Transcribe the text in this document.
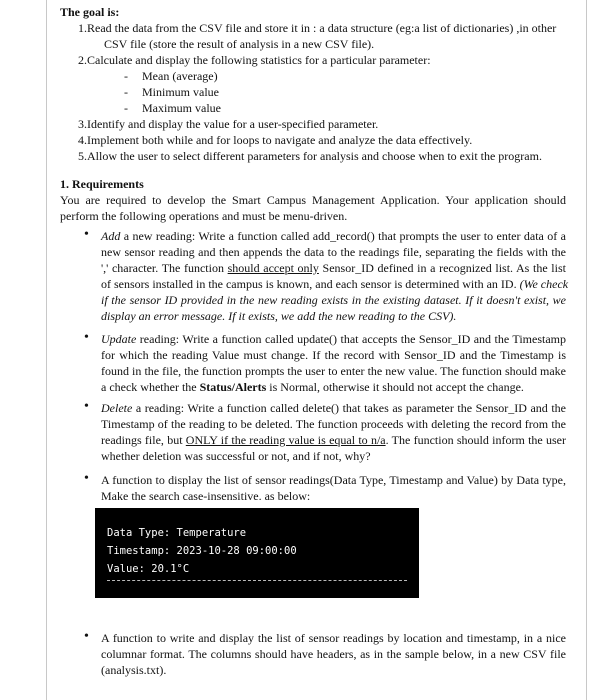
The goal is:
1.Read the data from the CSV file and store it in : a data structure (eg:a list of dictionaries) ,in other
CSV file (store the result of analysis in a new CSV file).
2.Calculate and display the following statistics for a particular parameter:
- Mean (average)
- Minimum value
- Maximum value
3.Identify and display the value for a user-specified parameter.
4.Implement both while and for loops to navigate and analyze the data effectively.
5.Allow the user to select different parameters for analysis and choose when to exit the program.
1. Requirements
You are required to develop the Smart Campus Management Application. Your application should
perform the following operations and must be menu-driven.
• Add a new reading: Write a function called add_record() that prompts the user to enter data of a
new sensor reading and then appends the data to the readings file, separating the fields with the
',' character. The function should accept only Sensor_ID defined in a recognized list. As the list
of sensors installed in the campus is known, and each sensor is determined with an ID. (We check
if the sensor ID provided in the new reading exists in the existing dataset. If it doesn't exist, we
display an error message. If it exists, we add the new reading to the CSV).
• Update reading: Write a function called update() that accepts the Sensor_ID and the Timestamp
for which the reading Value must change. If the record with Sensor_ID and the Timestamp is
found in the file, the function prompts the user to enter the new value. The function should make
a check whether the Status/Alerts is Normal, otherwise it should not accept the change.
• Delete a reading: Write a function called delete() that takes as parameter the Sensor_ID and the
Timestamp of the reading to be deleted. The function proceeds with deleting the record from the
readings file, but ONLY if the reading value is equal to n/a. The function should inform the user
whether deletion was successful or not, and if not, why?
• A function to display the list of sensor readings(Data Type, Timestamp and Value) by Data type,
Make the search case-insensitive. as below:
Data Type: Temperature
Timestamp: 2023-10-28 09:00:00
Value: 20.1°C
• A function to write and display the list of sensor readings by location and timestamp, in a nice
columnar format. The columns should have headers, as in the sample below, in a new CSV file
(analysis.txt).
